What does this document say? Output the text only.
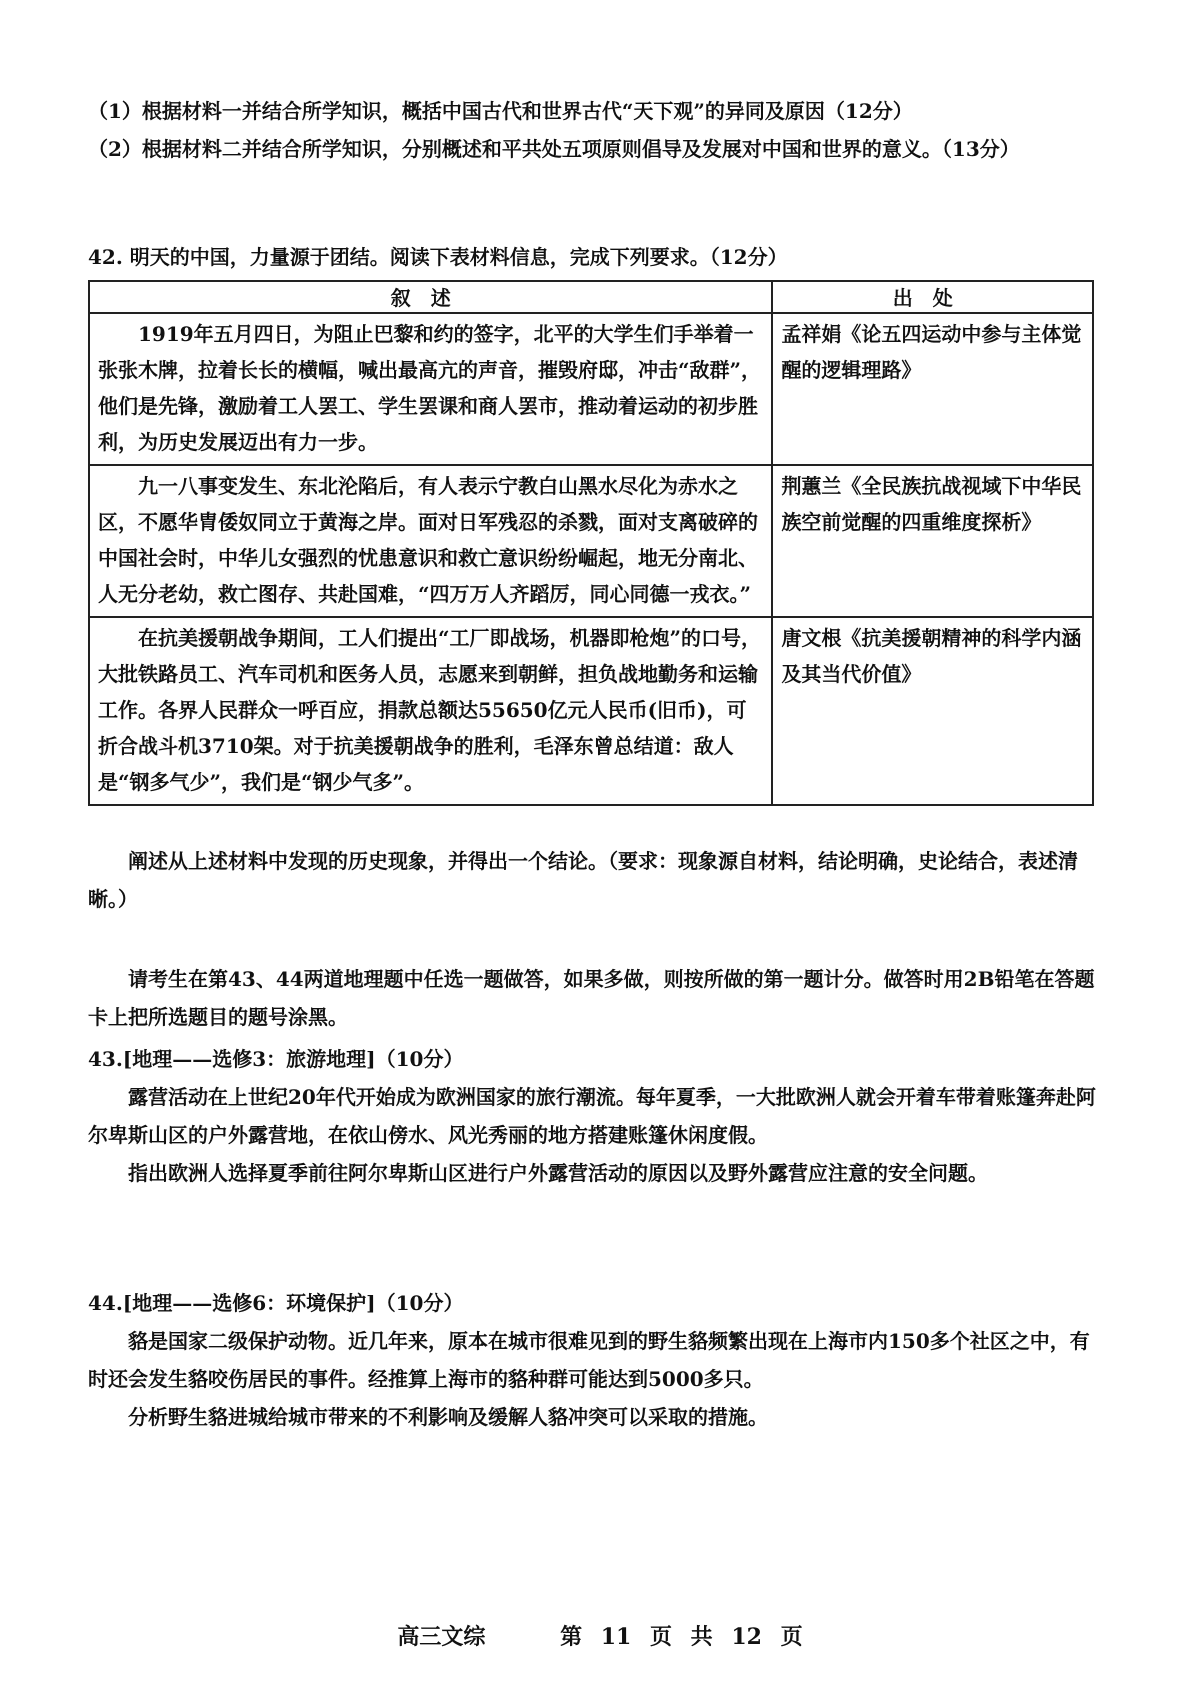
（1）根据材料一并结合所学知识，概括中国古代和世界古代“天下观”的异同及原因（12分）

（2）根据材料二并结合所学知识，分别概述和平共处五项原则倡导及发展对中国和世界的意义。（13分）

42. 明天的中国，力量源于团结。阅读下表材料信息，完成下列要求。（12分）

叙述	出处

1919年五月四日，为阻止巴黎和约的签字，北平的大学生们手举着一张张木牌，拉着长长的横幅，喊出最高亢的声音，摧毁府邸，冲击“敌群”，他们是先锋，激励着工人罢工、学生罢课和商人罢市，推动着运动的初步胜利，为历史发展迈出有力一步。	孟祥娟《论五四运动中参与主体觉醒的逻辑理路》

九一八事变发生、东北沦陷后，有人表示宁教白山黑水尽化为赤水之区，不愿华胄倭奴同立于黄海之岸。面对日军残忍的杀戮，面对支离破碎的中国社会时，中华儿女强烈的忧患意识和救亡意识纷纷崛起，地无分南北、人无分老幼，救亡图存、共赴国难，“四万万人齐蹈厉，同心同德一戎衣。”	荆蕙兰《全民族抗战视域下中华民族空前觉醒的四重维度探析》

在抗美援朝战争期间，工人们提出“工厂即战场，机器即枪炮”的口号，大批铁路员工、汽车司机和医务人员，志愿来到朝鲜，担负战地勤务和运输工作。各界人民群众一呼百应，捐款总额达55650亿元人民币(旧币)，可折合战斗机3710架。对于抗美援朝战争的胜利，毛泽东曾总结道：敌人是“钢多气少”，我们是“钢少气多”。	唐文根《抗美援朝精神的科学内涵及其当代价值》

阐述从上述材料中发现的历史现象，并得出一个结论。（要求：现象源自材料，结论明确，史论结合，表述清晰。）

请考生在第43、44两道地理题中任选一题做答，如果多做，则按所做的第一题计分。做答时用2B铅笔在答题卡上把所选题目的题号涂黑。

43.[地理——选修3：旅游地理]（10分）

露营活动在上世纪20年代开始成为欧洲国家的旅行潮流。每年夏季，一大批欧洲人就会开着车带着账篷奔赴阿尔卑斯山区的户外露营地，在依山傍水、风光秀丽的地方搭建账篷休闲度假。

指出欧洲人选择夏季前往阿尔卑斯山区进行户外露营活动的原因以及野外露营应注意的安全问题。

44.[地理——选修6：环境保护]（10分）

貉是国家二级保护动物。近几年来，原本在城市很难见到的野生貉频繁出现在上海市内150多个社区之中，有时还会发生貉咬伤居民的事件。经推算上海市的貉种群可能达到5000多只。

分析野生貉进城给城市带来的不利影响及缓解人貉冲突可以采取的措施。

高三文综	第 11 页 共 12 页
